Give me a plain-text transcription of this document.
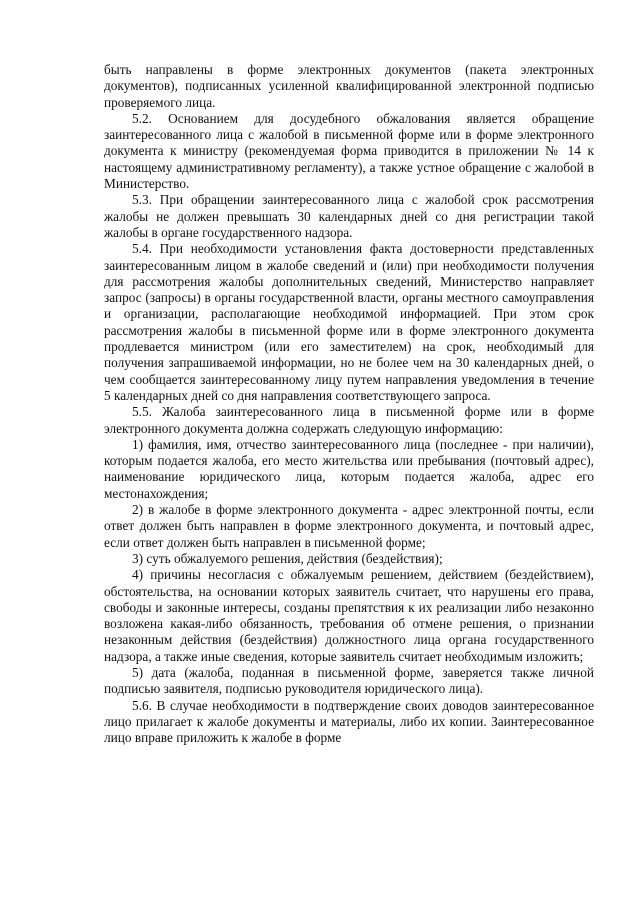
быть направлены в форме электронных документов (пакета электронных документов), подписанных усиленной квалифицированной электронной подписью проверяемого лица.

5.2. Основанием для досудебного обжалования является обращение заинтересованного лица с жалобой в письменной форме или в форме электронного документа к министру (рекомендуемая форма приводится в приложении № 14 к настоящему административному регламенту), а также устное обращение с жалобой в Министерство.

5.3. При обращении заинтересованного лица с жалобой срок рассмотрения жалобы не должен превышать 30 календарных дней со дня регистрации такой жалобы в органе государственного надзора.

5.4. При необходимости установления факта достоверности представленных заинтересованным лицом в жалобе сведений и (или) при необходимости получения для рассмотрения жалобы дополнительных сведений, Министерство направляет запрос (запросы) в органы государственной власти, органы местного самоуправления и организации, располагающие необходимой информацией. При этом срок рассмотрения жалобы в письменной форме или в форме электронного документа продлевается министром (или его заместителем) на срок, необходимый для получения запрашиваемой информации, но не более чем на 30 календарных дней, о чем сообщается заинтересованному лицу путем направления уведомления в течение 5 календарных дней со дня направления соответствующего запроса.

5.5. Жалоба заинтересованного лица в письменной форме или в форме электронного документа должна содержать следующую информацию:

1) фамилия, имя, отчество заинтересованного лица (последнее - при наличии), которым подается жалоба, его место жительства или пребывания (почтовый адрес), наименование юридического лица, которым подается жалоба, адрес его местонахождения;

2) в жалобе в форме электронного документа - адрес электронной почты, если ответ должен быть направлен в форме электронного документа, и почтовый адрес, если ответ должен быть направлен в письменной форме;

3) суть обжалуемого решения, действия (бездействия);

4) причины несогласия с обжалуемым решением, действием (бездействием), обстоятельства, на основании которых заявитель считает, что нарушены его права, свободы и законные интересы, созданы препятствия к их реализации либо незаконно возложена какая-либо обязанность, требования об отмене решения, о признании незаконным действия (бездействия) должностного лица органа государственного надзора, а также иные сведения, которые заявитель считает необходимым изложить;

5) дата (жалоба, поданная в письменной форме, заверяется также личной подписью заявителя, подписью руководителя юридического лица).

5.6. В случае необходимости в подтверждение своих доводов заинтересованное лицо прилагает к жалобе документы и материалы, либо их копии. Заинтересованное лицо вправе приложить к жалобе в форме
